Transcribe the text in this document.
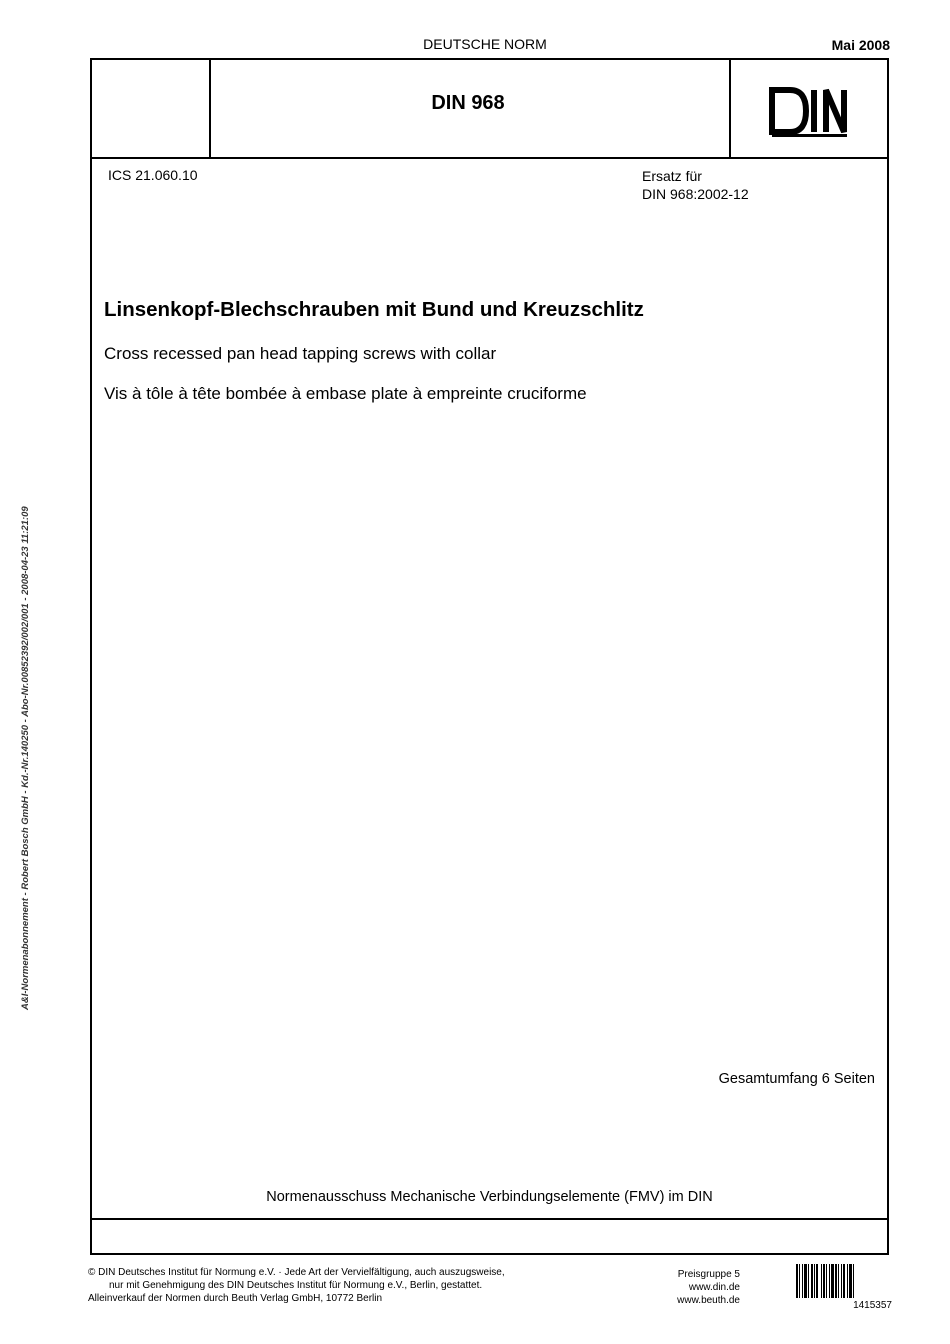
DEUTSCHE NORM	Mai 2008
DIN 968
ICS 21.060.10	Ersatz für
DIN 968:2002-12
Linsenkopf-Blechschrauben mit Bund und Kreuzschlitz
Cross recessed pan head tapping screws with collar
Vis à tôle à tête bombée à embase plate à empreinte cruciforme
Gesamtumfang 6 Seiten
Normenausschuss Mechanische Verbindungselemente (FMV) im DIN
© DIN Deutsches Institut für Normung e.V. · Jede Art der Vervielfältigung, auch auszugsweise,
nur mit Genehmigung des DIN Deutsches Institut für Normung e.V., Berlin, gestattet.
Alleinverkauf der Normen durch Beuth Verlag GmbH, 10772 Berlin
Preisgruppe 5
www.din.de
www.beuth.de	1415357
A&I-Normenabonnement - Robert Bosch GmbH - Kd.-Nr.140250 - Abo-Nr.00852392/002/001 - 2008-04-23 11:21:09
